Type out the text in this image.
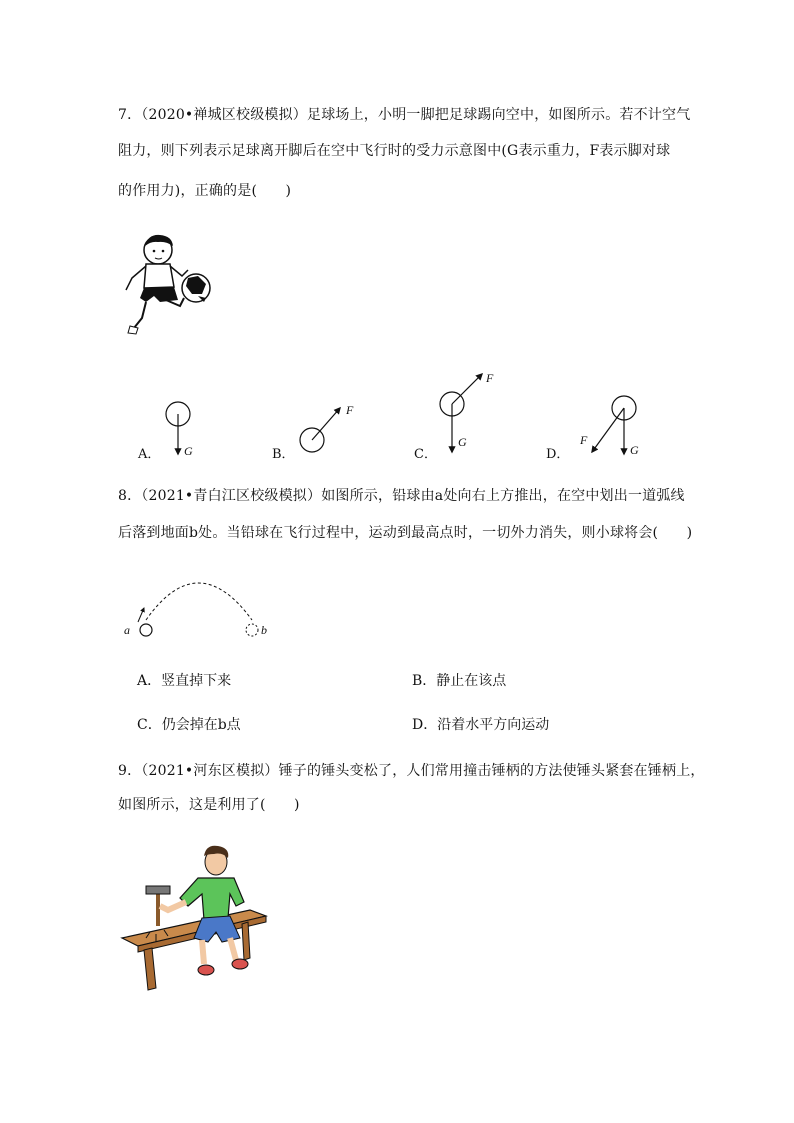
7．（2020•禅城区校级模拟）足球场上，小明一脚把足球踢向空中，如图所示。若不计空气
阻力，则下列表示足球离开脚后在空中飞行时的受力示意图中(G表示重力，F表示脚对球
的作用力)，正确的是(　　)
A． G	B．
F
C．
F
G
D．
F
G
8．（2021•青白江区校级模拟）如图所示，铅球由a处向右上方推出，在空中划出一道弧线
后落到地面b处。当铅球在飞行过程中，运动到最高点时，一切外力消失，则小球将会(　　)
a	b
A．竖直掉下来	B．静止在该点
C．仍会掉在b点	D．沿着水平方向运动
9．（2021•河东区模拟）锤子的锤头变松了，人们常用撞击锤柄的方法使锤头紧套在锤柄上，
如图所示，这是利用了(　　)
